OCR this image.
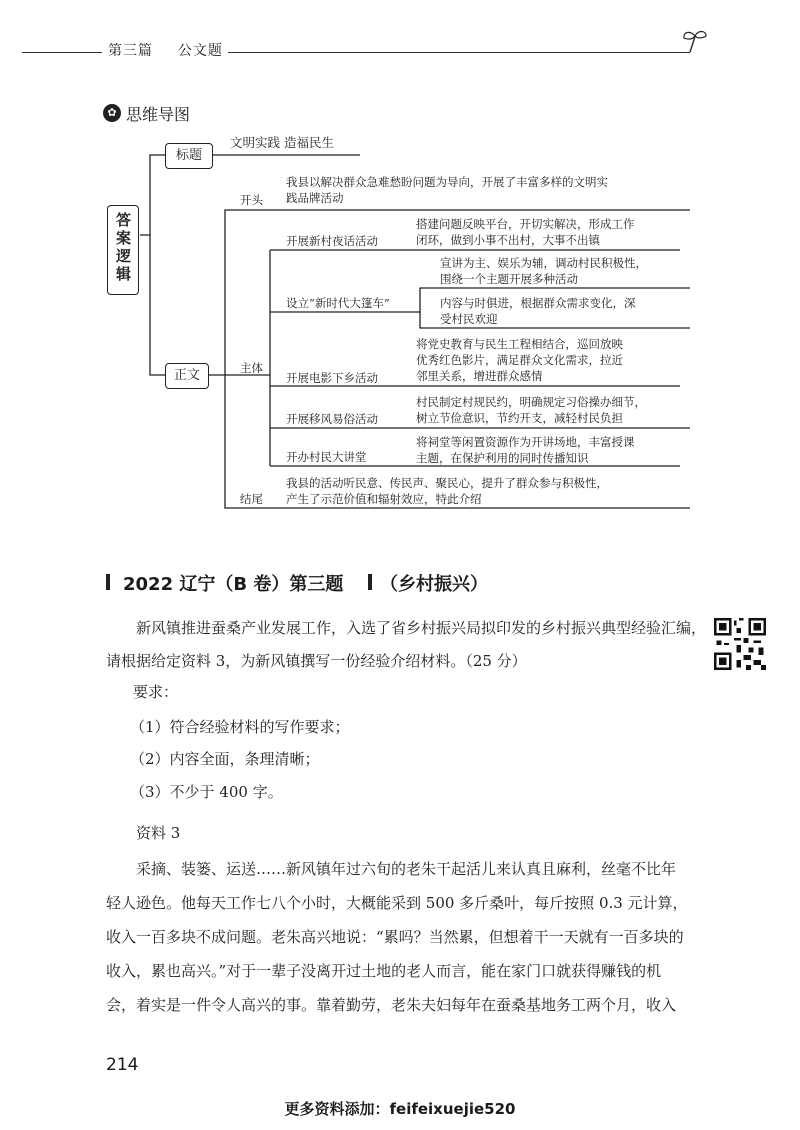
第三篇 公文题
✿ 思维导图
答案逻辑
标题
文明实践 造福民生
正文
开头
我县以解决群众急难愁盼问题为导向，开展了丰富多样的文明实
践品牌活动
主体
开展新村夜话活动
搭建问题反映平台，开切实解决，形成工作
闭环，做到小事不出村，大事不出镇
设立“新时代大篷车”
宣讲为主、娱乐为辅，调动村民积极性，
围绕一个主题开展多种活动
内容与时俱进，根据群众需求变化，深
受村民欢迎
开展电影下乡活动
将党史教育与民生工程相结合，巡回放映
优秀红色影片，满足群众文化需求，拉近
邻里关系，增进群众感情
开展移风易俗活动
村民制定村规民约，明确规定习俗操办细节，
树立节俭意识，节约开支，减轻村民负担
开办村民大讲堂
将祠堂等闲置资源作为开讲场地，丰富授课
主题，在保护利用的同时传播知识
结尾
我县的活动听民意、传民声、聚民心，提升了群众参与积极性，
产生了示范价值和辐射效应，特此介绍
2022 辽宁（B 卷）第三题 （乡村振兴）
新风镇推进蚕桑产业发展工作，入选了省乡村振兴局拟印发的乡村振兴典型经验汇编，
请根据给定资料 3，为新风镇撰写一份经验介绍材料。（25 分）
要求：
（1）符合经验材料的写作要求；
（2）内容全面，条理清晰；
（3）不少于 400 字。
资料 3
采摘、装篓、运送……新风镇年过六旬的老朱干起活儿来认真且麻利，丝毫不比年
轻人逊色。他每天工作七八个小时，大概能采到 500 多斤桑叶，每斤按照 0.3 元计算，
收入一百多块不成问题。老朱高兴地说：“累吗？当然累，但想着干一天就有一百多块的
收入，累也高兴。”对于一辈子没离开过土地的老人而言，能在家门口就获得赚钱的机
会，着实是一件令人高兴的事。靠着勤劳，老朱夫妇每年在蚕桑基地务工两个月，收入
214
更多资料添加：feifeixuejie520
